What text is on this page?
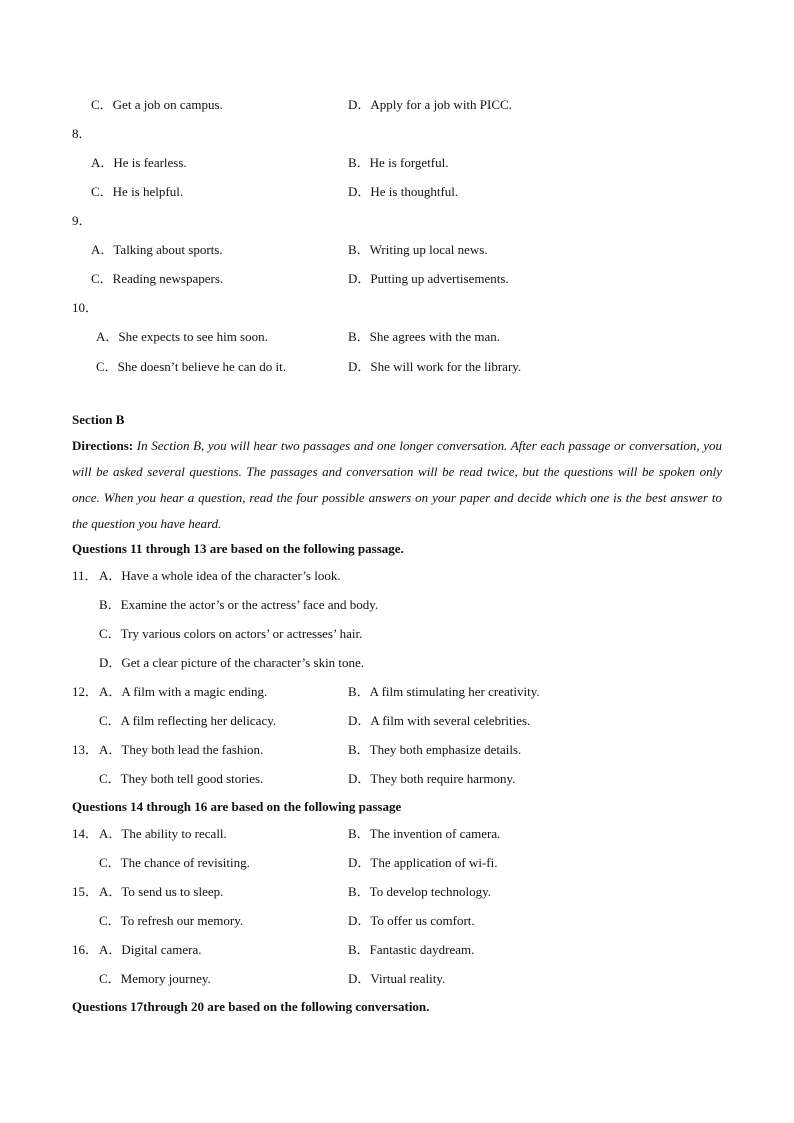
C．Get a job on campus.	D．Apply for a job with PICC.
8．
A．He is fearless.	B．He is forgetful.
C．He is helpful.	D．He is thoughtful.
9．
A．Talking about sports.	B．Writing up local news.
C．Reading newspapers.	D．Putting up advertisements.
10．
A．She expects to see him soon.	B．She agrees with the man.
C．She doesn’t believe he can do it.	D．She will work for the library.
Section B
Directions: In Section B, you will hear two passages and one longer conversation. After each passage or conversation, you will be asked several questions. The passages and conversation will be read twice, but the questions will be spoken only once. When you hear a question, read the four possible answers on your paper and decide which one is the best answer to the question you have heard.
Questions 11 through 13 are based on the following passage.
11． A．Have a whole idea of the character’s look.
B．Examine the actor’s or the actress’ face and body.
C．Try various colors on actors’ or actresses’ hair.
D．Get a clear picture of the character’s skin tone.
12． A．A film with a magic ending.	B．A film stimulating her creativity.
C．A film reflecting her delicacy.	D．A film with several celebrities.
13． A．They both lead the fashion.	B．They both emphasize details.
C．They both tell good stories.	D．They both require harmony.
Questions 14 through 16 are based on the following passage
14． A．The ability to recall.	B．The invention of camera.
C．The chance of revisiting.	D．The application of wi-fi.
15． A．To send us to sleep.	B．To develop technology.
C．To refresh our memory.	D．To offer us comfort.
16． A．Digital camera.	B．Fantastic daydream.
C．Memory journey.	D．Virtual reality.
Questions 17through 20 are based on the following conversation.
